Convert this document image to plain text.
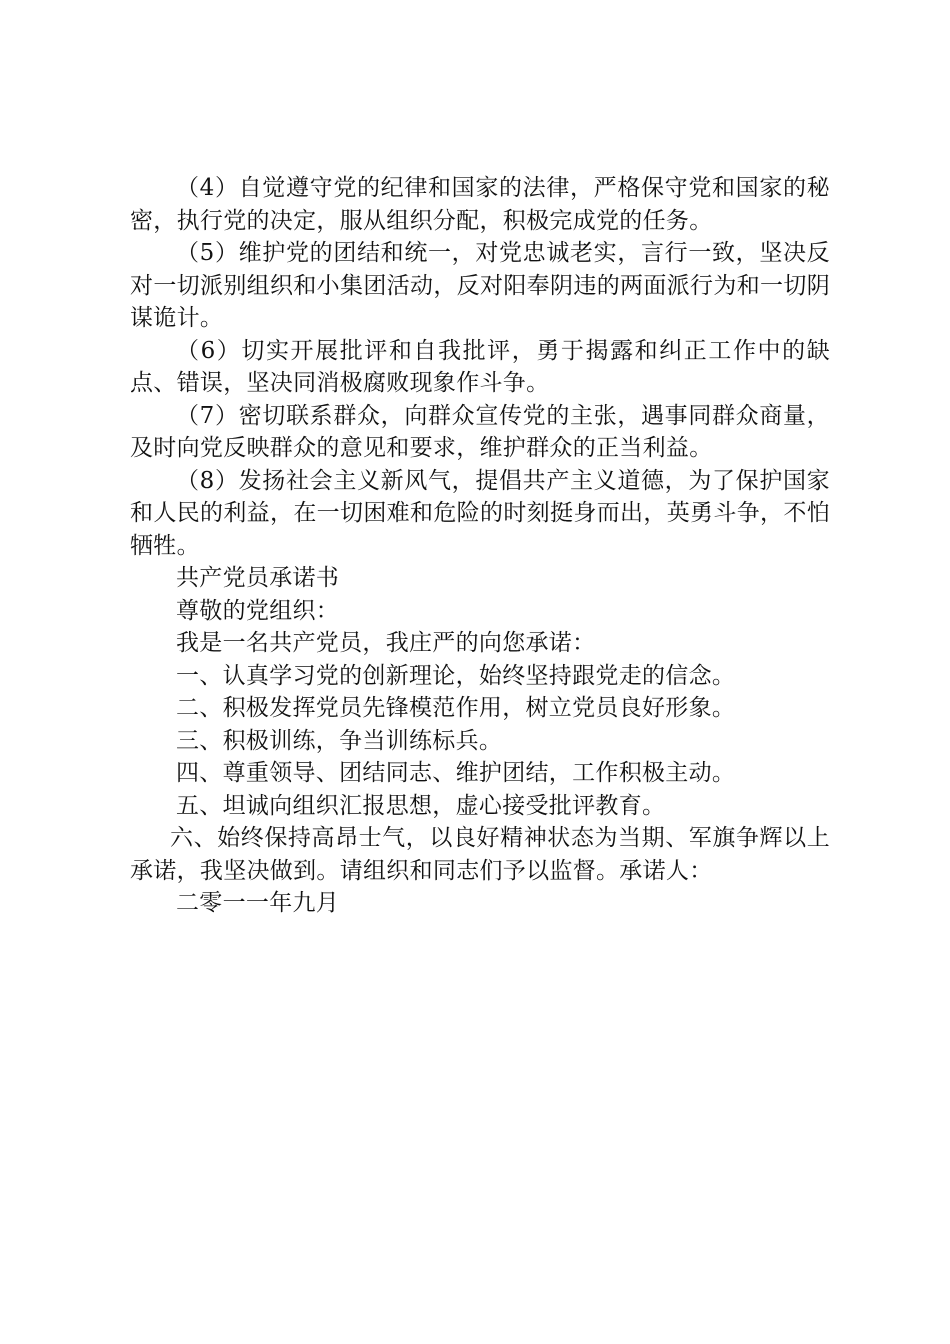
（4）自觉遵守党的纪律和国家的法律，严格保守党和国家的秘密，执行党的决定，服从组织分配，积极完成党的任务。

（5）维护党的团结和统一，对党忠诚老实，言行一致，坚决反对一切派别组织和小集团活动，反对阳奉阴违的两面派行为和一切阴谋诡计。

（6）切实开展批评和自我批评，勇于揭露和纠正工作中的缺点、错误，坚决同消极腐败现象作斗争。

（7）密切联系群众，向群众宣传党的主张，遇事同群众商量，及时向党反映群众的意见和要求，维护群众的正当利益。

（8）发扬社会主义新风气，提倡共产主义道德，为了保护国家和人民的利益，在一切困难和危险的时刻挺身而出，英勇斗争，不怕牺牲。

共产党员承诺书

尊敬的党组织：

我是一名共产党员，我庄严的向您承诺：

一、认真学习党的创新理论，始终坚持跟党走的信念。

二、积极发挥党员先锋模范作用，树立党员良好形象。

三、积极训练，争当训练标兵。

四、尊重领导、团结同志、维护团结，工作积极主动。

五、坦诚向组织汇报思想，虚心接受批评教育。

六、始终保持高昂士气，以良好精神状态为当期、军旗争辉以上承诺，我坚决做到。请组织和同志们予以监督。承诺人：

二零一一年九月
